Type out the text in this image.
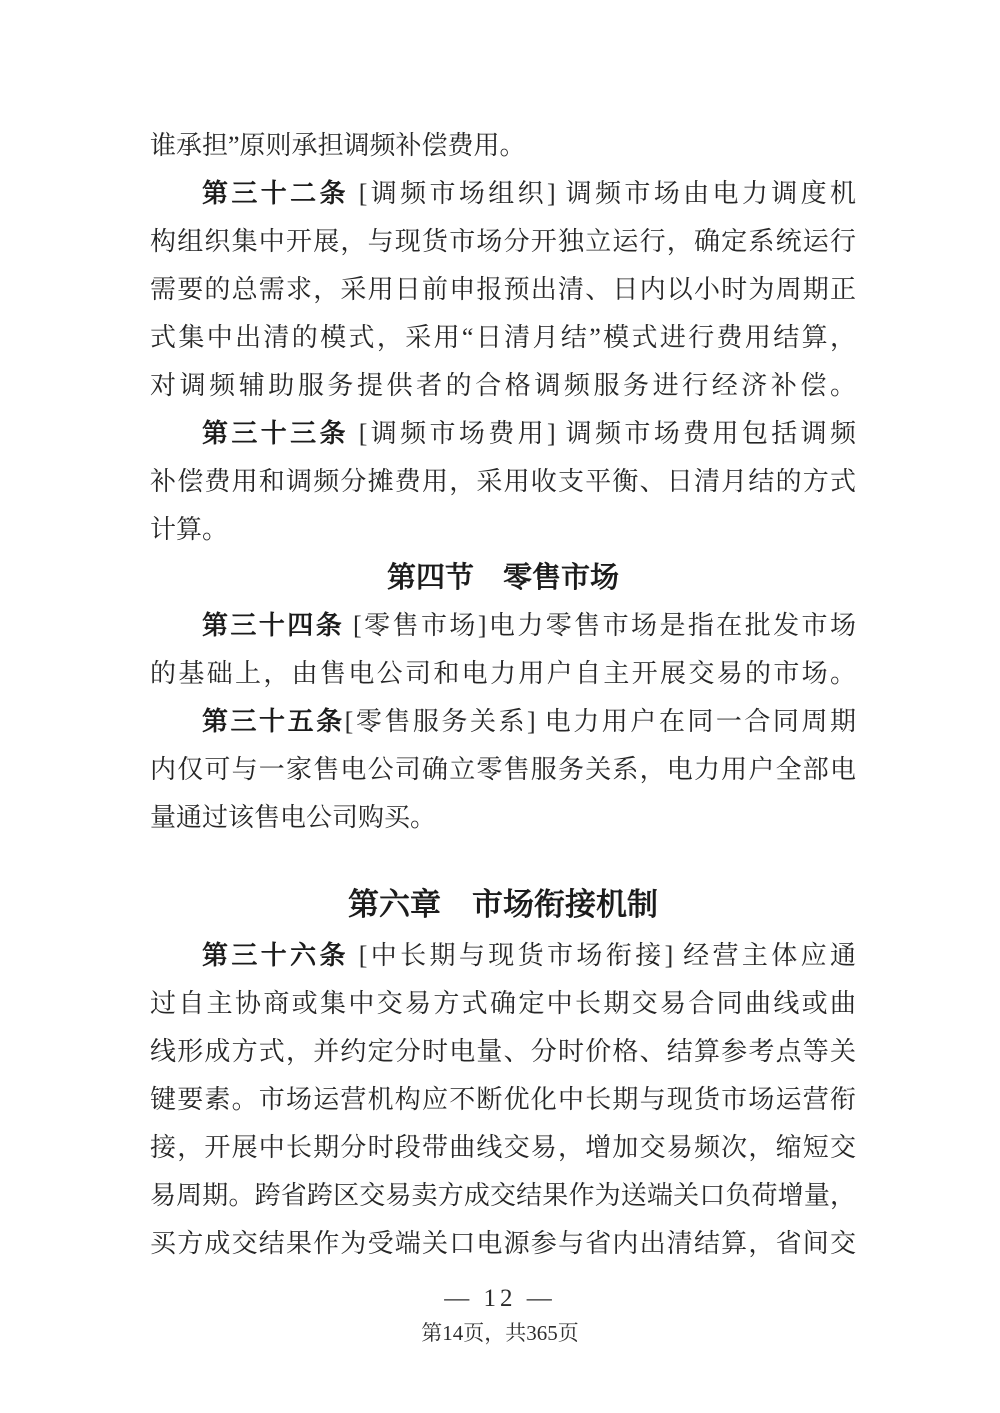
谁承担”原则承担调频补偿费用。
第三十二条 [调频市场组织] 调频市场由电力调度机
构组织集中开展，与现货市场分开独立运行，确定系统运行
需要的总需求，采用日前申报预出清、日内以小时为周期正
式集中出清的模式，采用“日清月结”模式进行费用结算，
对调频辅助服务提供者的合格调频服务进行经济补偿。
第三十三条 [调频市场费用] 调频市场费用包括调频
补偿费用和调频分摊费用，采用收支平衡、日清月结的方式
计算。
第四节　零售市场
第三十四条 [零售市场]电力零售市场是指在批发市场
的基础上，由售电公司和电力用户自主开展交易的市场。
第三十五条[零售服务关系] 电力用户在同一合同周期
内仅可与一家售电公司确立零售服务关系，电力用户全部电
量通过该售电公司购买。
第六章　市场衔接机制
第三十六条 [中长期与现货市场衔接] 经营主体应通
过自主协商或集中交易方式确定中长期交易合同曲线或曲
线形成方式，并约定分时电量、分时价格、结算参考点等关
键要素。市场运营机构应不断优化中长期与现货市场运营衔
接，开展中长期分时段带曲线交易，增加交易频次，缩短交
易周期。跨省跨区交易卖方成交结果作为送端关口负荷增量，
买方成交结果作为受端关口电源参与省内出清结算，省间交
— 12 —
第14页，共365页
